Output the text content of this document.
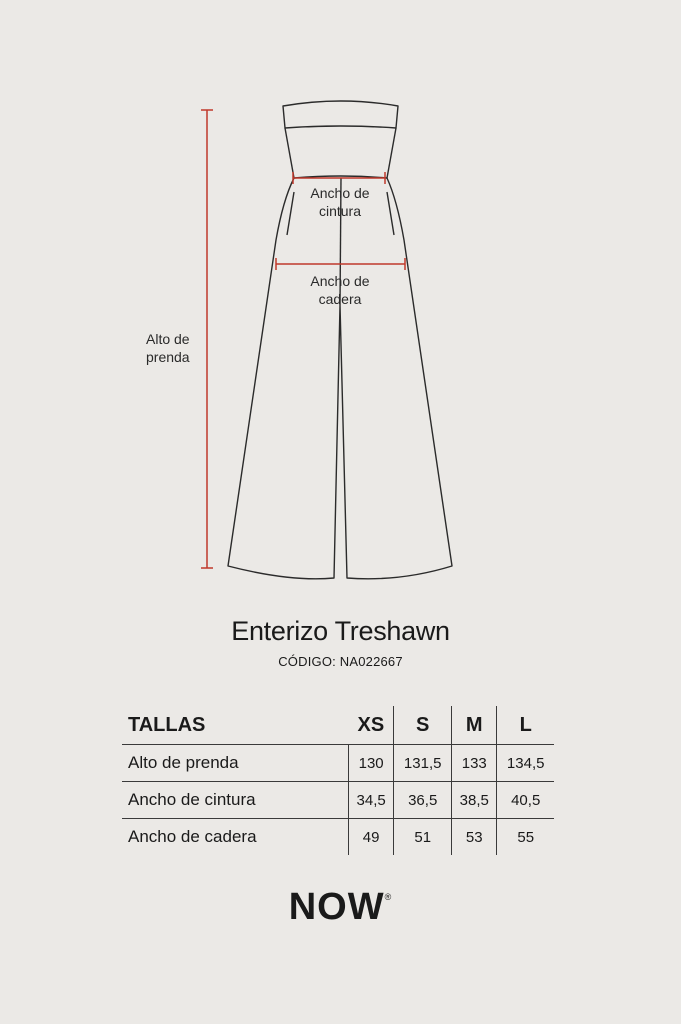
Alto de
prenda
Ancho de
cintura
Ancho de
cadera
Enterizo Treshawn
CÓDIGO: NA022667
TALLAS	XS	S	M	L
Alto de prenda	130	131,5	133	134,5
Ancho de cintura	34,5	36,5	38,5	40,5
Ancho de cadera	49	51	53	55
NOW®
